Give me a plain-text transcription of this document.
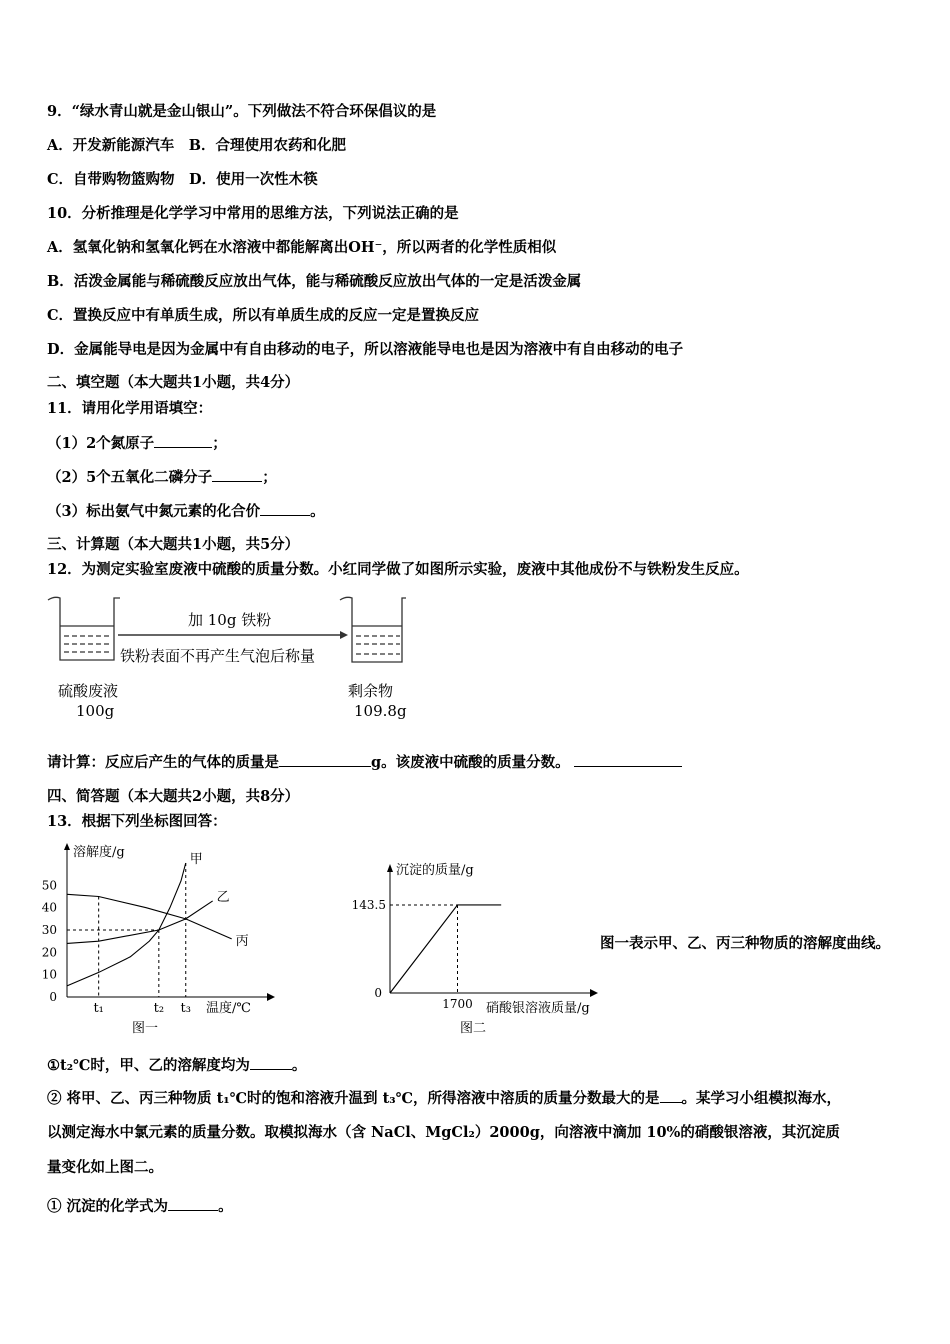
9．“绿水青山就是金山银山”。下列做法不符合环保倡议的是
A．开发新能源汽车　B．合理使用农药和化肥
C．自带购物篮购物　D．使用一次性木筷
10．分析推理是化学学习中常用的思维方法，下列说法正确的是
A．氢氧化钠和氢氧化钙在水溶液中都能解离出OH⁻，所以两者的化学性质相似
B．活泼金属能与稀硫酸反应放出气体，能与稀硫酸反应放出气体的一定是活泼金属
C．置换反应中有单质生成，所以有单质生成的反应一定是置换反应
D．金属能导电是因为金属中有自由移动的电子，所以溶液能导电也是因为溶液中有自由移动的电子
二、填空题（本大题共1小题，共4分）
11．请用化学用语填空：
（1）2个氮原子	；
（2）5个五氧化二磷分子	；
（3）标出氨气中氮元素的化合价	。
三、计算题（本大题共1小题，共5分）
12．为测定实验室废液中硫酸的质量分数。小红同学做了如图所示实验，废液中其他成份不与铁粉发生反应。
加 10g 铁粉
铁粉表面不再产生气泡后称量
硫酸废液
100g
剩余物
109.8g
请计算：反应后产生的气体的质量是	g。该废液中硫酸的质量分数。
四、简答题（本大题共2小题，共8分）
13．根据下列坐标图回答：
溶解度/g
温度/℃
图一
0
10
20
30
40
50
t₁	t₂ t₃
甲
乙
丙
沉淀的质量/g
硝酸银溶液质量/g
图二
0
143.5
1700
图一表示甲、乙、丙三种物质的溶解度曲线。
①t₂℃时，甲、乙的溶解度均为	。
② 将甲、乙、丙三种物质 t₁℃时的饱和溶液升温到 t₃℃，所得溶液中溶质的质量分数最大的是 。某学习小组模拟海水，
以测定海水中氯元素的质量分数。取模拟海水（含 NaCl、MgCl₂）2000g，向溶液中滴加 10%的硝酸银溶液，其沉淀质
量变化如上图二。
① 沉淀的化学式为	。
